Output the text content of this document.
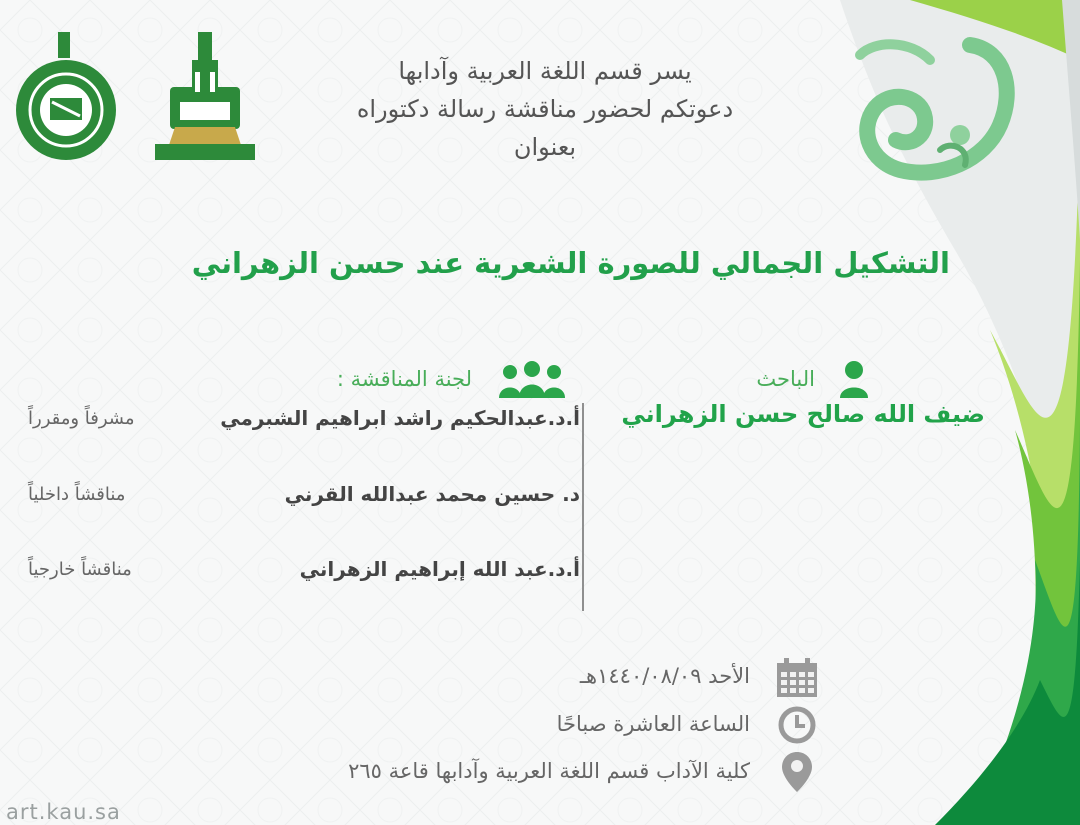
يسر قسم اللغة العربية وآدابها
دعوتكم لحضور مناقشة رسالة دكتوراه
بعنوان
التشكيل الجمالي للصورة الشعرية عند حسن الزهراني
الباحث
ضيف الله صالح حسن الزهراني
لجنة المناقشة :
أ.د.عبدالحكيم راشد ابراهيم الشبرمي
مشرفاً ومقرراً
د. حسين محمد عبدالله القرني
مناقشاً داخلياً
أ.د.عبد الله إبراهيم الزهراني
مناقشاً خارجياً
الأحد ١٤٤٠/٠٨/٠٩هـ
الساعة العاشرة صباحًا
كلية الآداب قسم اللغة العربية وآدابها قاعة ٢٦٥
art.kau.sa
